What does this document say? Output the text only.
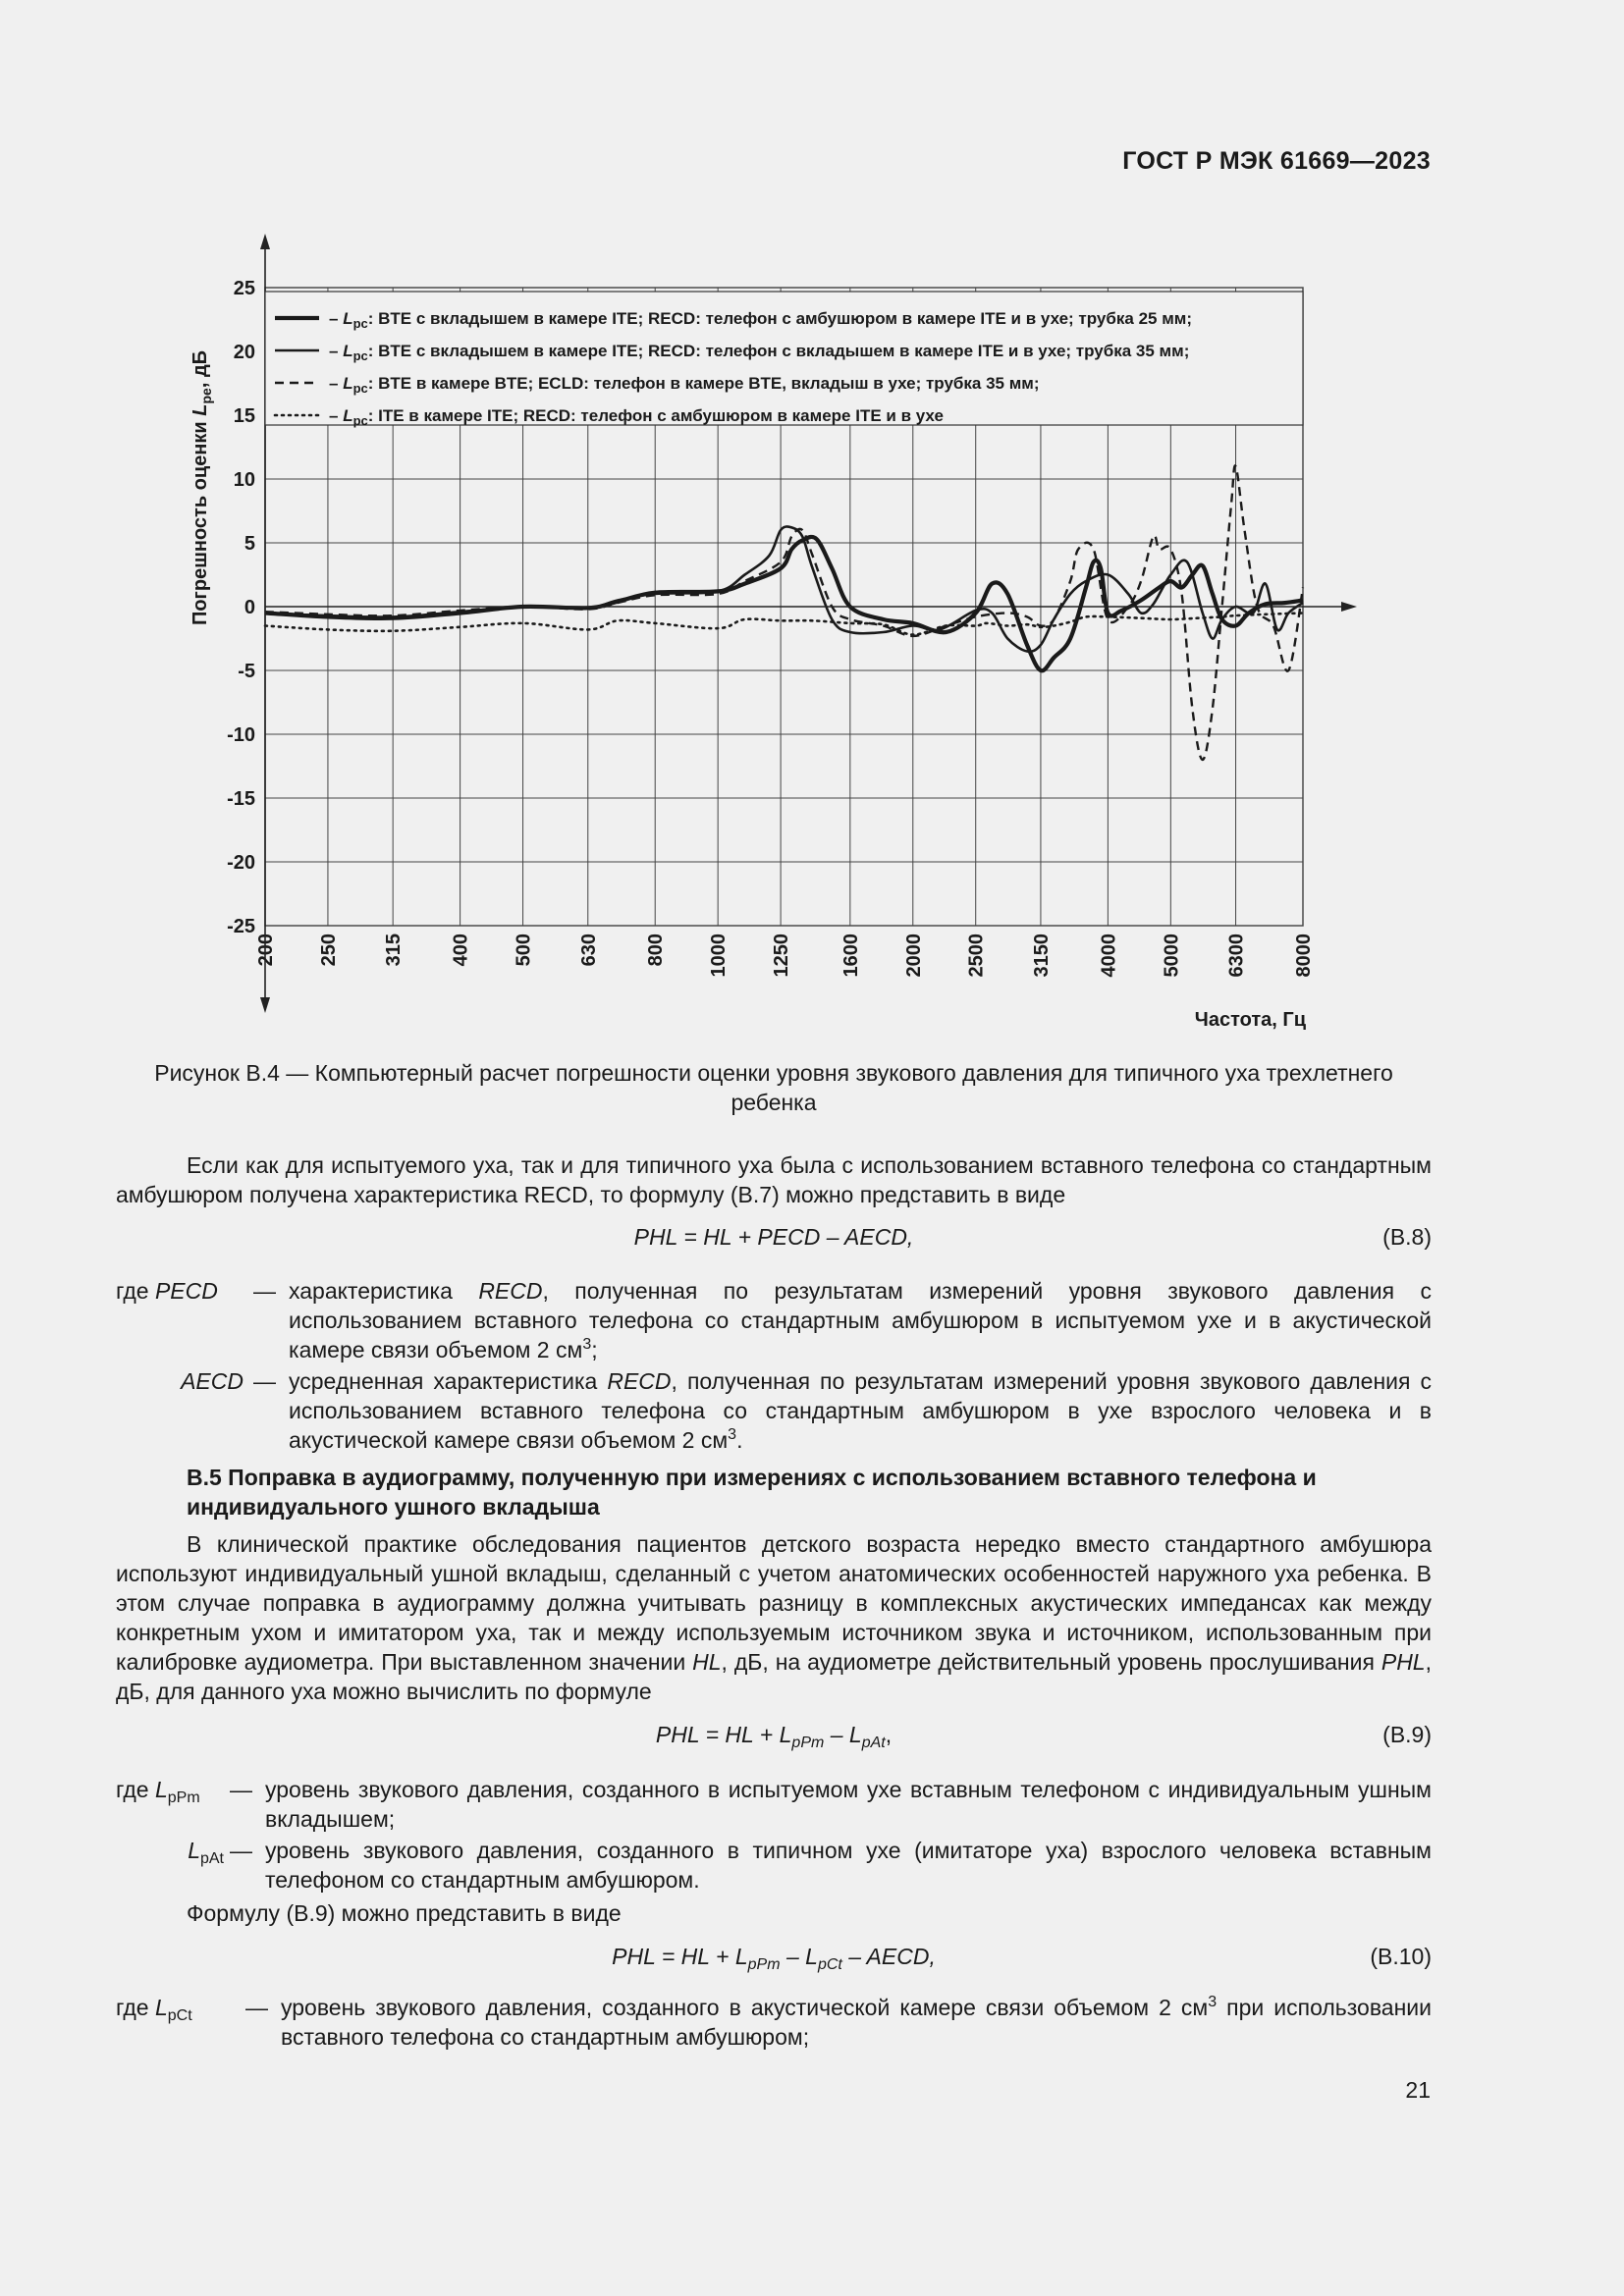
ГОСТ Р МЭК 61669—2023
25
20
15
10
5
0
-5
-10
-15
-20
-25
200 250 315 400 500 630 800 1000 1250 1600 2000 2500 3150 4000 5000 6300 8000
– $L_{pc}$: BTE с вкладышем в камере ITE; RECD: телефон с амбушюром в камере ITE и в ухе; трубка 25 мм;
– $L_{pc}$: BTE с вкладышем в камере ITE; RECD: телефон с вкладышем в камере ITE и в ухе; трубка 35 мм;
– $L_{pc}$: BTE в камере BTE; ECLD: телефон в камере BTE, вкладыш в ухе; трубка 35 мм;
– $L_{pc}$: ITE в камере ITE; RECD: телефон с амбушюром в камере ITE и в ухе
Погрешность оценки $L_{pe}$, дБ
Частота, Гц
Рисунок В.4 — Компьютерный расчет погрешности оценки уровня звукового давления для типичного уха трехлетнего ребенка

Если как для испытуемого уха, так и для типичного уха была с использованием вставного телефона со стандартным амбушюром получена характеристика RECD, то формулу (В.7) можно представить в виде

PHL = HL + PECD – AECD,	(В.8)
где PECD	— характеристика RECD, полученная по результатам измерений уровня звукового давления с использованием вставного телефона со стандартным амбушюром в испытуемом ухе и в акустической камере связи объемом 2 $см^3$;
AECD — усредненная характеристика RECD, полученная по результатам измерений уровня звукового давления с использованием вставного телефона со стандартным амбушюром в ухе взрослого человека и в акустической камере связи объемом 2 $см^3$.
В.5 Поправка в аудиограмму, полученную при измерениях с использованием вставного телефона и индивидуального ушного вкладыша

В клинической практике обследования пациентов детского возраста нередко вместо стандартного амбушюра используют индивидуальный ушной вкладыш, сделанный с учетом анатомических особенностей наружного уха ребенка. В этом случае поправка в аудиограмму должна учитывать разницу в комплексных акустических импедансах как между конкретным ухом и имитатором уха, так и между используемым источником звука и источником, использованным при калибровке аудиометра. При выставленном значении HL, дБ, на аудиометре действительный уровень прослушивания PHL, дБ, для данного уха можно вычислить по формуле

PHL = HL + $L_{pPm} - L_{pAt}$,	(В.9)
где $L_{pPm}$	— уровень звукового давления, созданного в испытуемом ухе вставным телефоном с индивидуальным ушным вкладышем;
$L_{pAt}$ — уровень звукового давления, созданного в типичном ухе (имитаторе уха) взрослого человека вставным телефоном со стандартным амбушюром.

Формулу (В.9) можно представить в виде

PHL = HL + $L_{pPm} - L_{pCt}$ – AECD,	(В.10)
где $L_{pCt}$	— уровень звукового давления, созданного в акустической камере связи объемом 2 $см^3$ при использовании вставного телефона со стандартным амбушюром;
21
